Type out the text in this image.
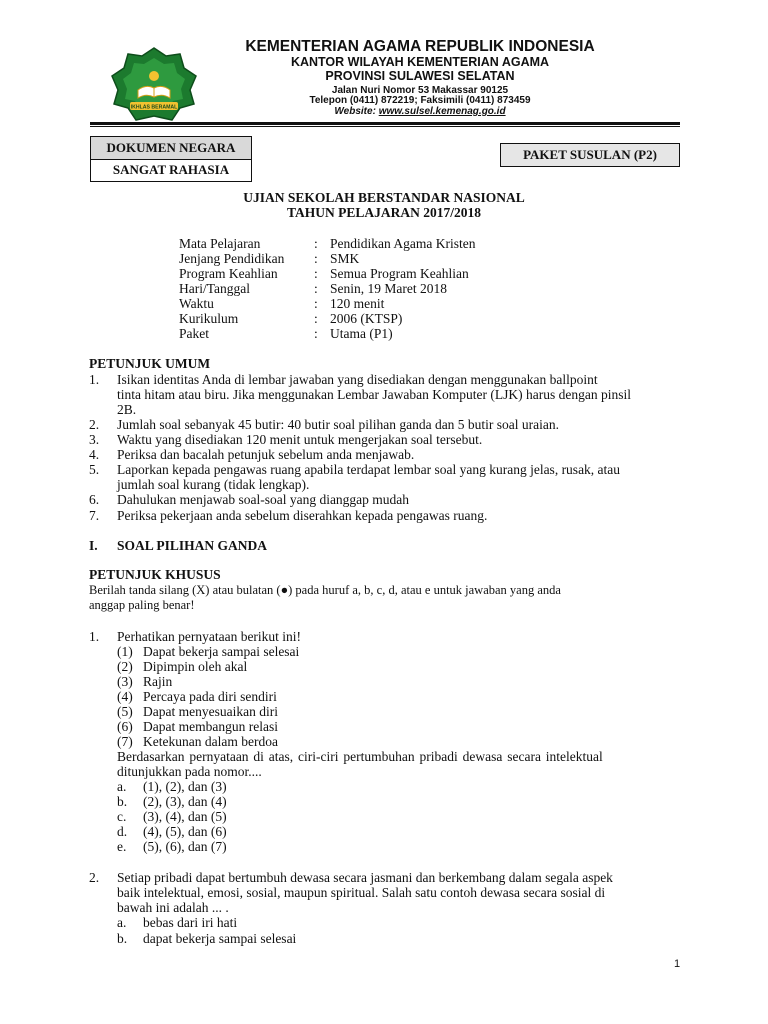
IKHLAS BERAMAL
KEMENTERIAN AGAMA REPUBLIK INDONESIA
KANTOR WILAYAH KEMENTERIAN AGAMA
PROVINSI SULAWESI SELATAN
Jalan Nuri Nomor 53 Makassar 90125
Telepon (0411) 872219; Faksimili (0411) 873459
Website: www.sulsel.kemenag.go.id
DOKUMEN NEGARA
SANGAT RAHASIA
PAKET SUSULAN (P2)
UJIAN SEKOLAH BERSTANDAR NASIONAL
TAHUN PELAJARAN 2017/2018
Mata Pelajaran	: Pendidikan Agama Kristen
Jenjang Pendidikan : SMK
Program Keahlian	: Semua Program Keahlian
Hari/Tanggal	: Senin, 19 Maret 2018
Waktu	: 120 menit
Kurikulum	: 2006 (KTSP)
Paket	: Utama (P1)
PETUNJUK UMUM
1. Isikan identitas Anda di lembar jawaban yang disediakan dengan menggunakan ballpoint
tinta hitam atau biru. Jika menggunakan Lembar Jawaban Komputer (LJK) harus dengan pinsil
2B.
2. Jumlah soal sebanyak 45 butir: 40 butir soal pilihan ganda dan 5 butir soal uraian.
3. Waktu yang disediakan 120 menit untuk mengerjakan soal tersebut.
4. Periksa dan bacalah petunjuk sebelum anda menjawab.
5. Laporkan kepada pengawas ruang apabila terdapat lembar soal yang kurang jelas, rusak, atau
jumlah soal kurang (tidak lengkap).
6. Dahulukan menjawab soal-soal yang dianggap mudah
7. Periksa pekerjaan anda sebelum diserahkan kepada pengawas ruang.
I. SOAL PILIHAN GANDA
PETUNJUK KHUSUS
Berilah tanda silang (X) atau bulatan (●) pada huruf a, b, c, d, atau e untuk jawaban yang anda
anggap paling benar!
1. Perhatikan pernyataan berikut ini!
(1) Dapat bekerja sampai selesai
(2) Dipimpin oleh akal
(3) Rajin
(4) Percaya pada diri sendiri
(5) Dapat menyesuaikan diri
(6) Dapat membangun relasi
(7) Ketekunan dalam berdoa
Berdasarkan pernyataan di atas, ciri-ciri pertumbuhan pribadi dewasa secara intelektual
ditunjukkan pada nomor....
a. (1), (2), dan (3)
b. (2), (3), dan (4)
c. (3), (4), dan (5)
d. (4), (5), dan (6)
e. (5), (6), dan (7)
2. Setiap pribadi dapat bertumbuh dewasa secara jasmani dan berkembang dalam segala aspek
baik intelektual, emosi, sosial, maupun spiritual. Salah satu contoh dewasa secara sosial di
bawah ini adalah ... .
a. bebas dari iri hati
b. dapat bekerja sampai selesai
1
